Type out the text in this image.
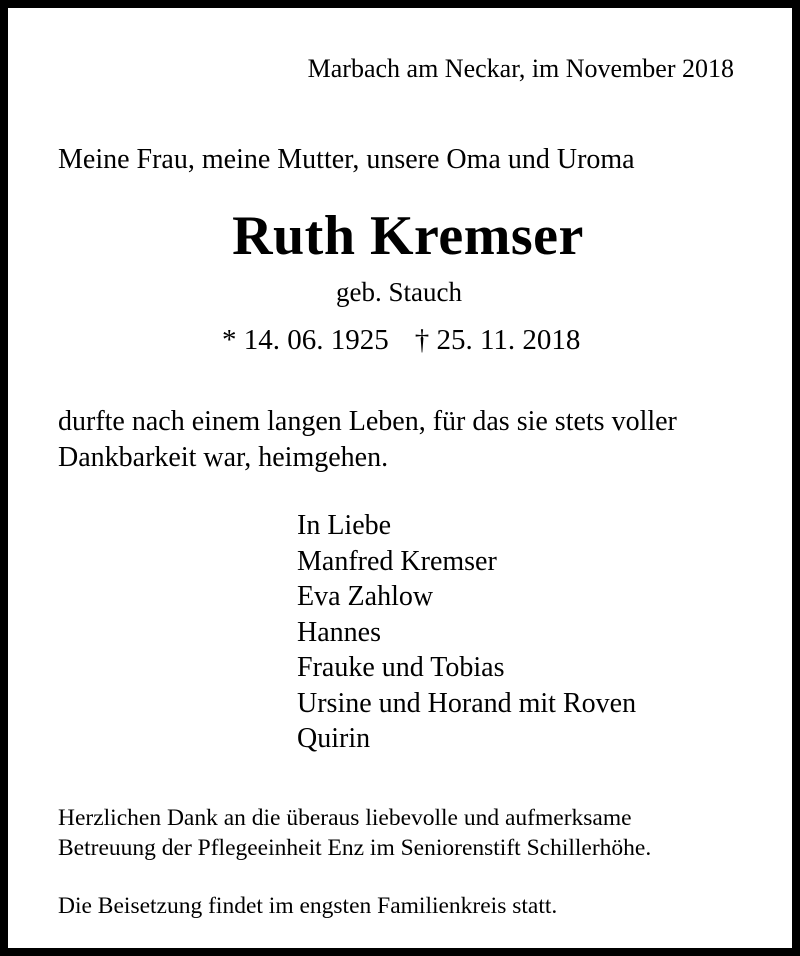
Marbach am Neckar, im November 2018
Meine Frau, meine Mutter, unsere Oma und Uroma
Ruth Kremser
geb. Stauch
* 14. 06. 1925 † 25. 11. 2018
durfte nach einem langen Leben, für das sie stets voller
Dankbarkeit war, heimgehen.
In Liebe
Manfred Kremser
Eva Zahlow
Hannes
Frauke und Tobias
Ursine und Horand mit Roven
Quirin
Herzlichen Dank an die überaus liebevolle und aufmerksame
Betreuung der Pflegeeinheit Enz im Seniorenstift Schillerhöhe.
Die Beisetzung findet im engsten Familienkreis statt.
